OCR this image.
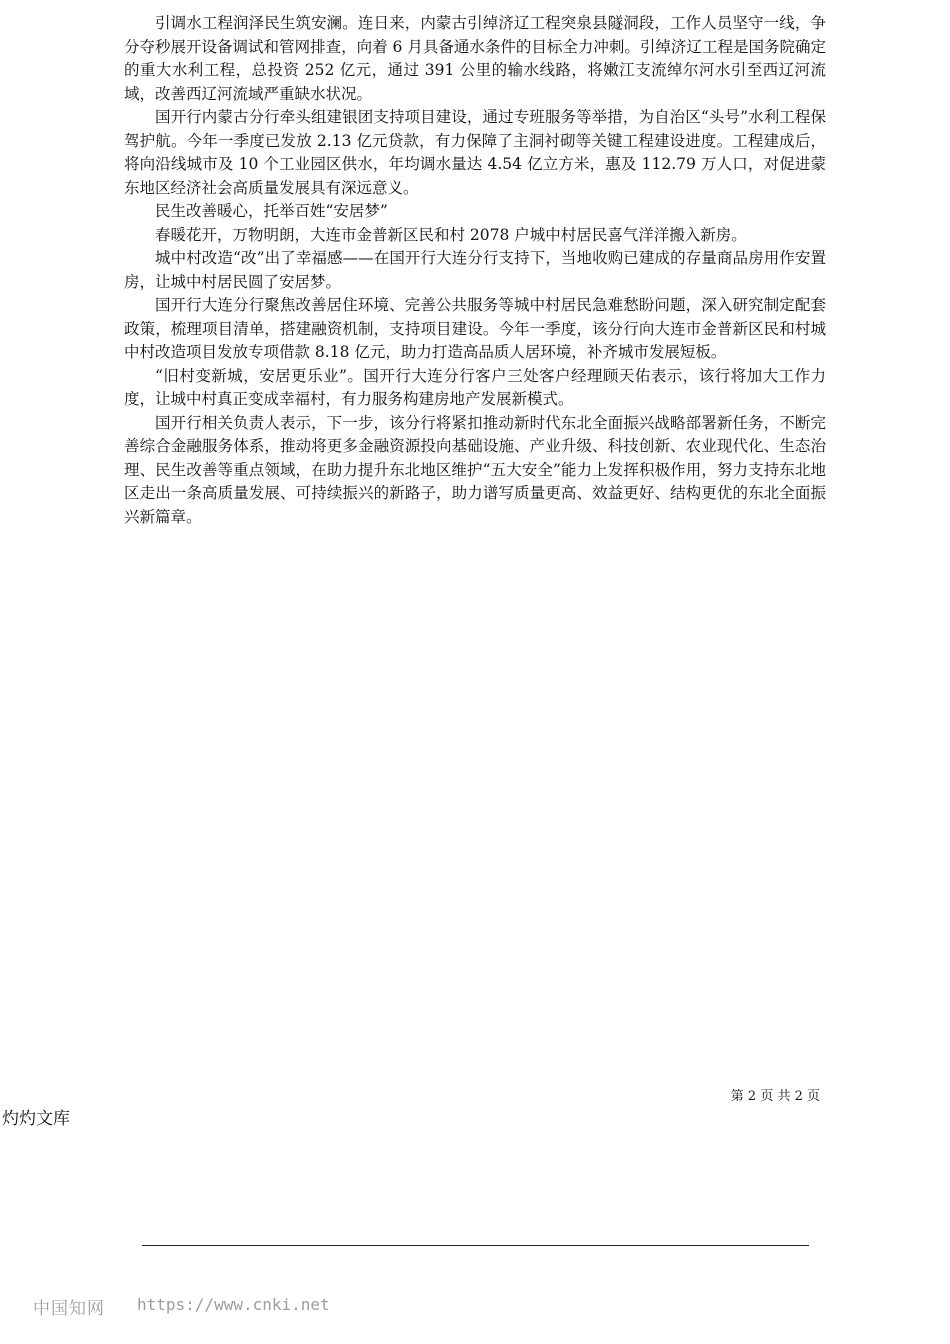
引调水工程润泽民生筑安澜。连日来，内蒙古引绰济辽工程突泉县隧洞段，工作人员坚守一线，争分夺秒展开设备调试和管网排查，向着 6 月具备通水条件的目标全力冲刺。引绰济辽工程是国务院确定的重大水利工程，总投资 252 亿元，通过 391 公里的输水线路，将嫩江支流绰尔河水引至西辽河流域，改善西辽河流域严重缺水状况。

国开行内蒙古分行牵头组建银团支持项目建设，通过专班服务等举措，为自治区“头号”水利工程保驾护航。今年一季度已发放 2.13 亿元贷款，有力保障了主洞衬砌等关键工程建设进度。工程建成后，将向沿线城市及 10 个工业园区供水，年均调水量达 4.54 亿立方米，惠及 112.79 万人口，对促进蒙东地区经济社会高质量发展具有深远意义。

民生改善暖心，托举百姓“安居梦”

春暖花开，万物明朗，大连市金普新区民和村 2078 户城中村居民喜气洋洋搬入新房。

城中村改造“改”出了幸福感——在国开行大连分行支持下，当地收购已建成的存量商品房用作安置房，让城中村居民圆了安居梦。

国开行大连分行聚焦改善居住环境、完善公共服务等城中村居民急难愁盼问题，深入研究制定配套政策，梳理项目清单，搭建融资机制，支持项目建设。今年一季度，该分行向大连市金普新区民和村城中村改造项目发放专项借款 8.18 亿元，助力打造高品质人居环境，补齐城市发展短板。

“旧村变新城，安居更乐业”。国开行大连分行客户三处客户经理顾天佑表示，该行将加大工作力度，让城中村真正变成幸福村，有力服务构建房地产发展新模式。

国开行相关负责人表示，下一步，该分行将紧扣推动新时代东北全面振兴战略部署新任务，不断完善综合金融服务体系，推动将更多金融资源投向基础设施、产业升级、科技创新、农业现代化、生态治理、民生改善等重点领域，在助力提升东北地区维护“五大安全”能力上发挥积极作用，努力支持东北地区走出一条高质量发展、可持续振兴的新路子，助力谱写质量更高、效益更好、结构更优的东北全面振兴新篇章。

第 2 页 共 2 页
灼灼文库
中国知网 https://www.cnki.net
